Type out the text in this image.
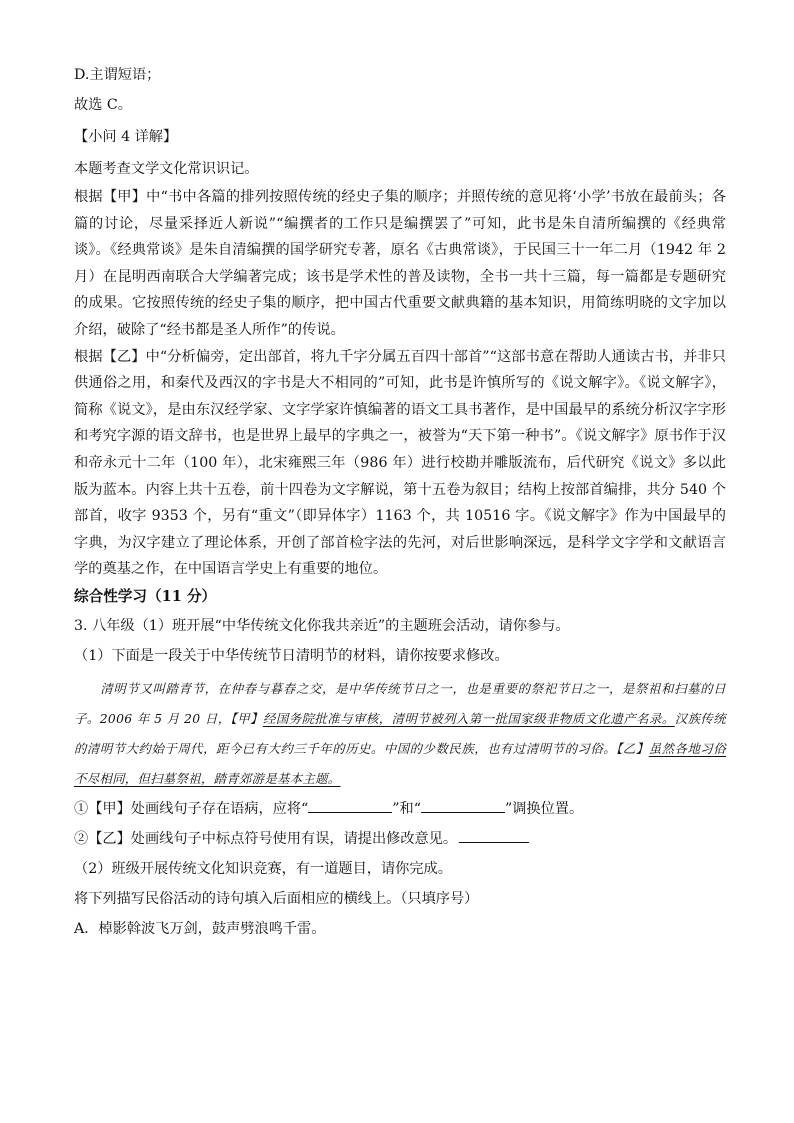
D.主谓短语；

故选 C。

【小问 4 详解】

本题考查文学文化常识识记。

根据【甲】中“书中各篇的排列按照传统的经史子集的顺序；并照传统的意见将‘小学’书放在最前头；各篇的讨论，尽量采择近人新说”“编撰者的工作只是编撰罢了”可知，此书是朱自清所编撰的《经典常谈》。《经典常谈》是朱自清编撰的国学研究专著，原名《古典常谈》，于民国三十一年二月（1942 年 2 月）在昆明西南联合大学编著完成；该书是学术性的普及读物，全书一共十三篇，每一篇都是专题研究的成果。它按照传统的经史子集的顺序，把中国古代重要文献典籍的基本知识，用简练明晓的文字加以介绍，破除了“经书都是圣人所作”的传说。

根据【乙】中“分析偏旁，定出部首，将九千字分属五百四十部首”“这部书意在帮助人通读古书，并非只供通俗之用，和秦代及西汉的字书是大不相同的”可知，此书是许慎所写的《说文解字》。《说文解字》，简称《说文》，是由东汉经学家、文字学家许慎编著的语文工具书著作，是中国最早的系统分析汉字字形和考究字源的语文辞书，也是世界上最早的字典之一，被誉为“天下第一种书”。《说文解字》原书作于汉和帝永元十二年（100 年），北宋雍熙三年（986 年）进行校勘并雕版流布，后代研究《说文》多以此版为蓝本。内容上共十五卷，前十四卷为文字解说，第十五卷为叙目；结构上按部首编排，共分 540 个部首，收字 9353 个，另有“重文”（即异体字）1163 个，共 10516 字。《说文解字》作为中国最早的字典，为汉字建立了理论体系，开创了部首检字法的先河，对后世影响深远，是科学文字学和文献语言学的奠基之作，在中国语言学史上有重要的地位。

综合性学习（11 分）

3. 八年级（1）班开展“中华传统文化你我共亲近”的主题班会活动，请你参与。

（1）下面是一段关于中华传统节日清明节的材料，请你按要求修改。

清明节又叫踏青节，在仲春与暮春之交，是中华传统节日之一，也是重要的祭祀节日之一，是祭祖和扫墓的日子。2006 年 5 月 20 日，【甲】经国务院批准与审核，清明节被列入第一批国家级非物质文化遗产名录。汉族传统的清明节大约始于周代，距今已有大约三千年的历史。中国的少数民族，也有过清明节的习俗。【乙】虽然各地习俗不尽相同，但扫墓祭祖，踏青郊游是基本主题。

①【甲】处画线句子存在语病，应将“	”和“	”调换位置。

②【乙】处画线句子中标点符号使用有误，请提出修改意见。

（2）班级开展传统文化知识竞赛，有一道题目，请你完成。

将下列描写民俗活动的诗句填入后面相应的横线上。（只填序号）

A．棹影斡波飞万剑，鼓声劈浪鸣千雷。
